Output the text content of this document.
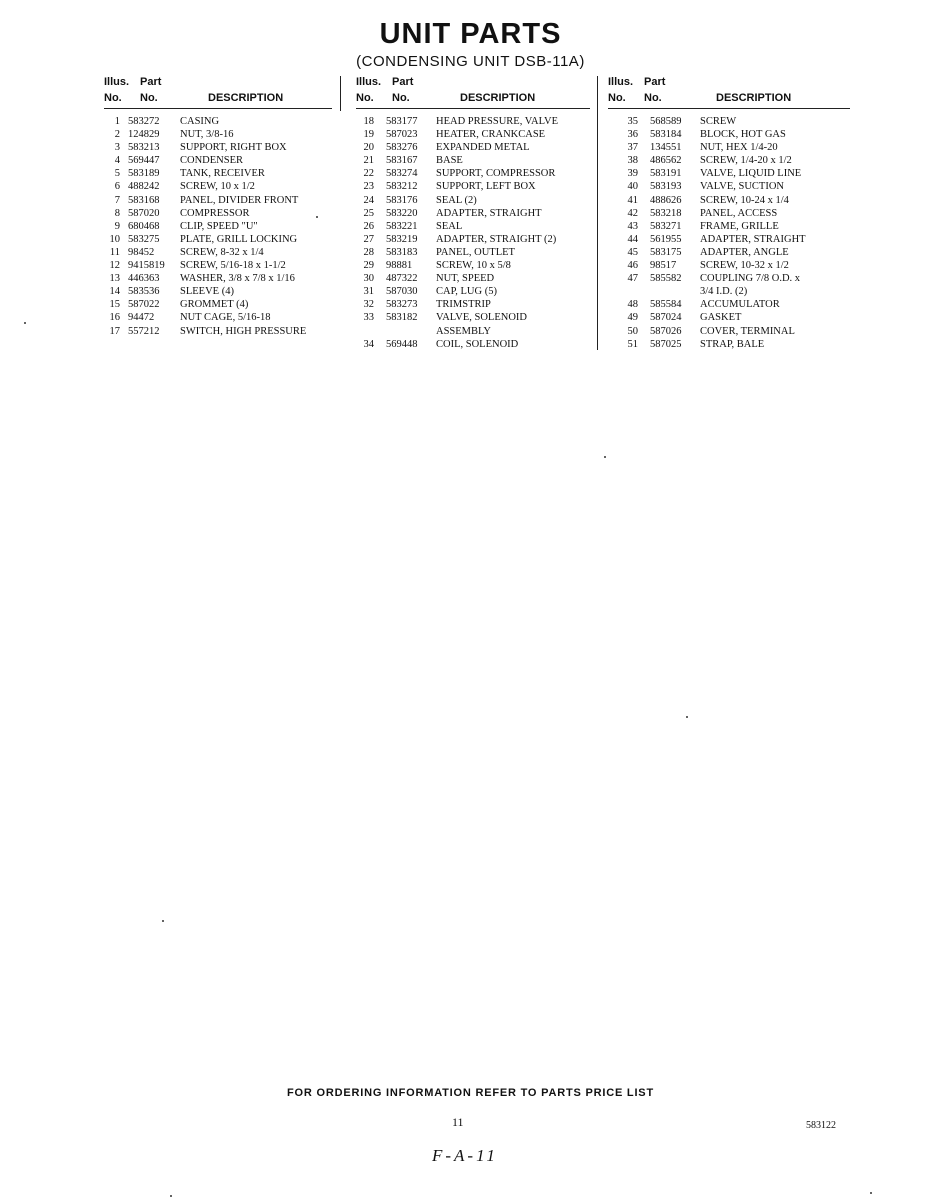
UNIT PARTS
(CONDENSING UNIT DSB-11A)
Illus. Part
No. No.	DESCRIPTION
1 583272 CASING
2 124829 NUT, 3/8-16
3 583213 SUPPORT, RIGHT BOX
4 569447 CONDENSER
5 583189 TANK, RECEIVER
6 488242 SCREW, 10 x 1/2
7 583168 PANEL, DIVIDER FRONT
8 587020 COMPRESSOR
9 680468 CLIP, SPEED "U"
10 583275 PLATE, GRILL LOCKING
11 98452 SCREW, 8-32 x 1/4
12 9415819 SCREW, 5/16-18 x 1-1/2
13 446363 WASHER, 3/8 x 7/8 x 1/16
14 583536 SLEEVE (4)
15 587022 GROMMET (4)
16 94472 NUT CAGE, 5/16-18
17 557212 SWITCH, HIGH PRESSURE
Illus. Part
No. No.	DESCRIPTION
18 583177 HEAD PRESSURE, VALVE
19 587023 HEATER, CRANKCASE
20 583276 EXPANDED METAL
21 583167 BASE
22 583274 SUPPORT, COMPRESSOR
23 583212 SUPPORT, LEFT BOX
24 583176 SEAL (2)
25 583220 ADAPTER, STRAIGHT
26 583221 SEAL
27 583219 ADAPTER, STRAIGHT (2)
28 583183 PANEL, OUTLET
29 98881 SCREW, 10 x 5/8
30 487322 NUT, SPEED
31 587030 CAP, LUG (5)
32 583273 TRIMSTRIP
33 583182 VALVE, SOLENOID
ASSEMBLY
34 569448 COIL, SOLENOID
Illus. Part
No. No.	DESCRIPTION
35 568589 SCREW
36 583184 BLOCK, HOT GAS
37 134551 NUT, HEX 1/4-20
38 486562 SCREW, 1/4-20 x 1/2
39 583191 VALVE, LIQUID LINE
40 583193 VALVE, SUCTION
41 488626 SCREW, 10-24 x 1/4
42 583218 PANEL, ACCESS
43 583271 FRAME, GRILLE
44 561955 ADAPTER, STRAIGHT
45 583175 ADAPTER, ANGLE
46 98517 SCREW, 10-32 x 1/2
47 585582 COUPLING 7/8 O.D. x
3/4 I.D. (2)
48 585584 ACCUMULATOR
49 587024 GASKET
50 587026 COVER, TERMINAL
51 587025 STRAP, BALE
FOR ORDERING INFORMATION REFER TO PARTS PRICE LIST
11	583122
F-A-11
